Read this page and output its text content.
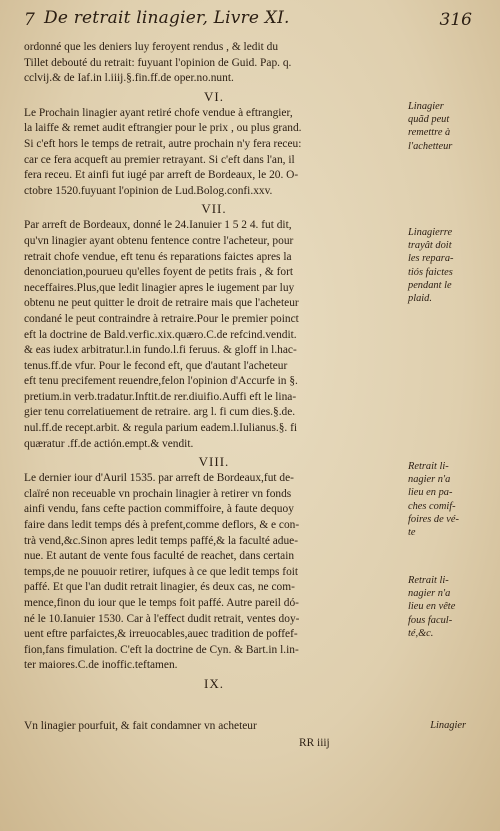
7 De retrait linagier, Livre XI.	316
ordonné que les deniers luy feroyent rendus , & ledit du
Tillet debouté du retrait: fuyuant l'opinion de Guid. Pap. q.
cclvij.& de Iaf.in l.iiij.§.fin.ff.de oper.no.nunt.
VI.
Le Prochain linagier ayant retiré chofe vendue à eftrangier,
la laiffe & remet audit eftrangier pour le prix , ou plus grand.
Si c'eft hors le temps de retrait, autre prochain n'y fera receu:
car ce fera acqueft au premier retrayant. Si c'eft dans l'an, il
fera receu. Et ainfi fut iugé par arreft de Bordeaux, le 20. O-
ctobre 1520.fuyuant l'opinion de Lud.Bolog.confi.xxv.
VII.
Par arreft de Bordeaux, donné le 24.Ianuier 1 5 2 4. fut dit,
qu'vn linagier ayant obtenu fentence contre l'acheteur, pour
retrait chofe vendue, eft tenu és reparations faictes apres la
denonciation,pourueu qu'elles foyent de petits frais , & fort
neceffaires.Plus,que ledit linagier apres le iugement par luy
obtenu ne peut quitter le droit de retraire mais que l'acheteur
condané le peut contraindre à retraire.Pour le premier poinct
eft la doctrine de Bald.verfic.xix.quæro.C.de refcind.vendit.
& eas iudex arbitratur.l.in fundo.l.fi feruus. & gloff in l.hac-
tenus.ff.de vfur. Pour le fecond eft, que d'autant l'acheteur
eft tenu precifement reuendre,felon l'opinion d'Accurfe in §.
pretium.in verb.tradatur.Inftit.de rer.diuifio.Auffi eft le lina-
gier tenu correlatiuement de retraire. arg l. fi cum dies.§.de.
nul.ff.de recept.arbit. & regula parium eadem.l.Iulianus.§. fi
quæratur .ff.de actión.empt.& vendit.
VIII.
Le dernier iour d'Auril 1535. par arreft de Bordeaux,fut de-
claïré non receuable vn prochain linagier à retirer vn fonds
ainfi vendu, fans cefte paction commiffoire, à faute dequoy
faire dans ledit temps dés à prefent,comme deflors, & e con-
trà vend,&c.Sinon apres ledit temps paffé,& la faculté adue-
nue. Et autant de vente fous faculté de reachet, dans certain
temps,de ne pouuoir retirer, iufques à ce que ledit temps foit
paffé. Et que l'an dudit retrait linagier, és deux cas, ne com-
mence,finon du iour que le temps foit paffé. Autre pareil dó-
né le 10.Ianuier 1530. Car à l'effect dudit retrait, ventes doy-
uent eftre parfaictes,& irreuocables,auec tradition de poffef-
fion,fans fimulation. C'eft la doctrine de Cyn. & Bart.in l.in-
ter maiores.C.de inoffic.teftamen.
IX.
Linagier
quãd peut
remettre à
l'achetteur
Linagierre
trayât doit
les repara-
tiós faictes
pendant le
plaid.
Retrait li-
nagier n'a
lieu en pa-
ches comif-
foires de vé-
te
Retrait li-
nagier n'a
lieu en vête
fous facul-
té,&c.
Vn linagier pourfuit, & fait condamner vn acheteur	Linagier
RR iiij
